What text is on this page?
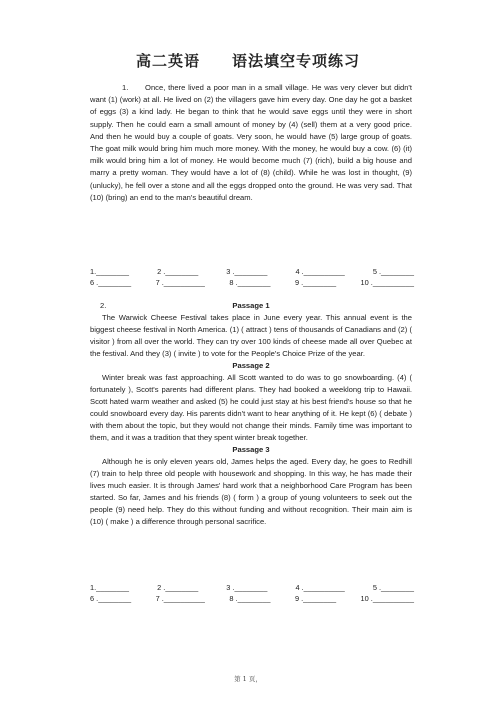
高二英语　　语法填空专项练习
1.      Once, there lived a poor man in a small village. He was very clever but didn't want (1) (work) at all. He lived on (2) the villagers gave him every day. One day he got a basket of eggs (3) a kind lady. He began to think that he would save eggs until they were in short supply. Then he could earn a small amount of money by (4) (sell) them at a very good price. And then he would buy a couple of goats. Very soon, he would have (5) large group of goats. The goat milk would bring him much more money. With the money, he would buy a cow. (6) (it) milk would bring him a lot of money. He would become much (7) (rich), build a big house and marry a pretty woman. They would have a lot of (8) (child). While he was lost in thought, (9) (unlucky), he fell over a stone and all the eggs dropped onto the ground. He was very sad. That (10) (bring) an end to the man's beautiful dream.
1.________	2 .________	3 .________	4 .__________	5 .________
6 .________	7 .__________	8 .________	9 .________	10 .__________
2.	Passage 1
The Warwick Cheese Festival takes place in June every year. This annual event is the biggest cheese festival in North America. (1) ( attract ) tens of thousands of Canadians and (2) ( visitor ) from all over the world. They can try over 100 kinds of cheese made all over Quebec at the festival. And they (3) ( invite ) to vote for the People's Choice Prize of the year.
Passage 2
Winter break was fast approaching. All Scott wanted to do was to go snowboarding. (4) ( fortunately ), Scott's parents had different plans. They had booked a weeklong trip to Hawaii. Scott hated warm weather and asked (5) he could just stay at his best friend's house so that he could snowboard every day. His parents didn't want to hear anything of it. He kept (6) ( debate ) with them about the topic, but they would not change their minds. Family time was important to them, and it was a tradition that they spent winter break together.
Passage 3
Although he is only eleven years old, James helps the aged. Every day, he goes to Redhill (7) train to help three old people with housework and shopping. In this way, he has made their lives much easier. It is through James' hard work that a neighborhood Care Program has been started. So far, James and his friends (8) ( form ) a group of young volunteers to seek out the people (9) need help. They do this without funding and without recognition. Their main aim is (10) ( make ) a difference through personal sacrifice.
1.________	2 .________	3 .________	4 .__________	5 .________
6 .________	7 .__________	8 .________	9 .________	10 .__________
第 1 页，
